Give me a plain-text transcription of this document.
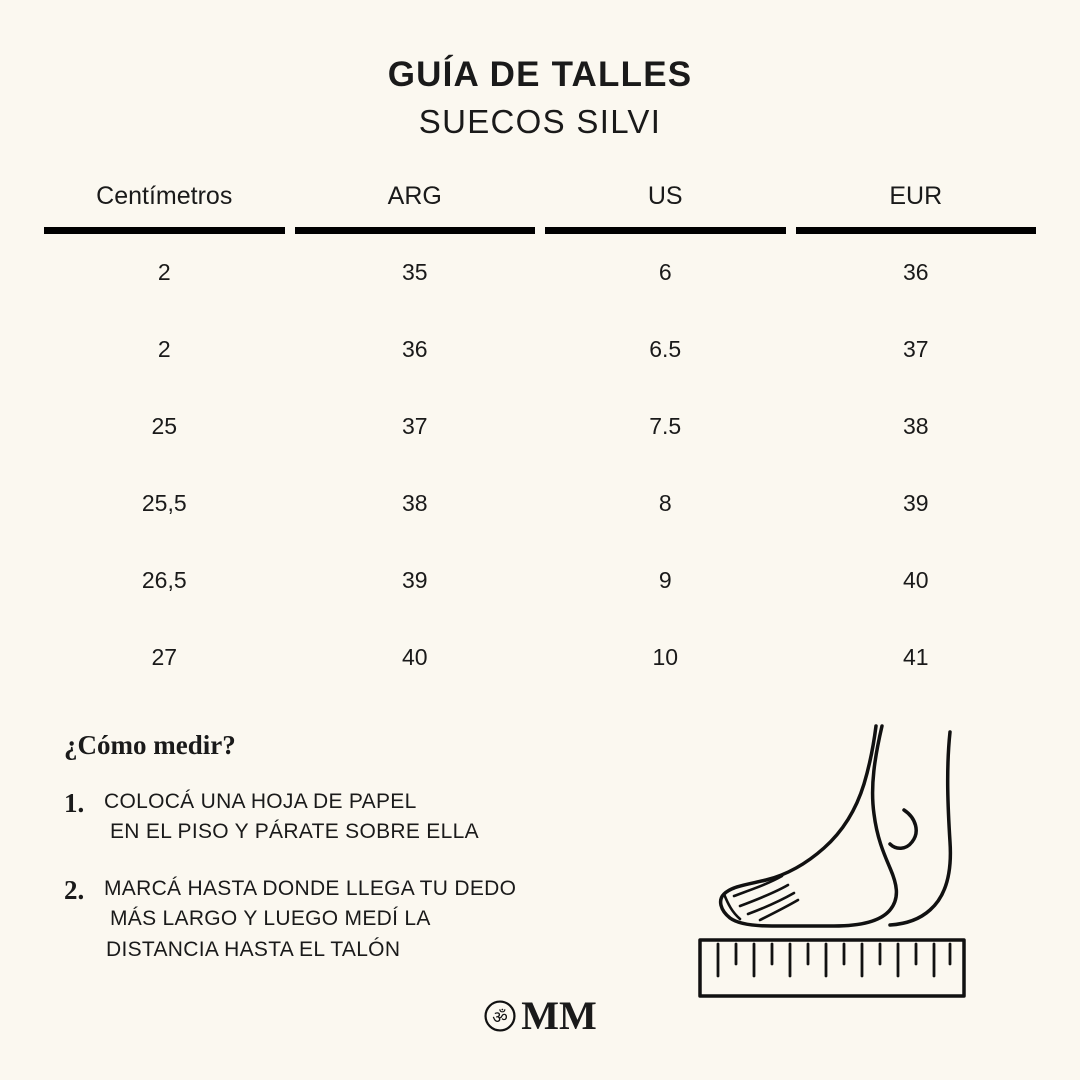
GUÍA DE TALLES
SUECOS SILVI
Centímetros		ARG		US		EUR
2		35		6		36
2		36		6.5		37
25		37		7.5		38
25,5		38		8		39
26,5		39		9		40
27		40		10		41
¿Cómo medir?
1. COLOCÁ UNA HOJA DE PAPEL
EN EL PISO Y PÁRATE SOBRE ELLA
2. MARCÁ HASTA DONDE LLEGA TU DEDO
MÁS LARGO Y LUEGO MEDÍ LA
DISTANCIA HASTA EL TALÓN
ॐ MM
